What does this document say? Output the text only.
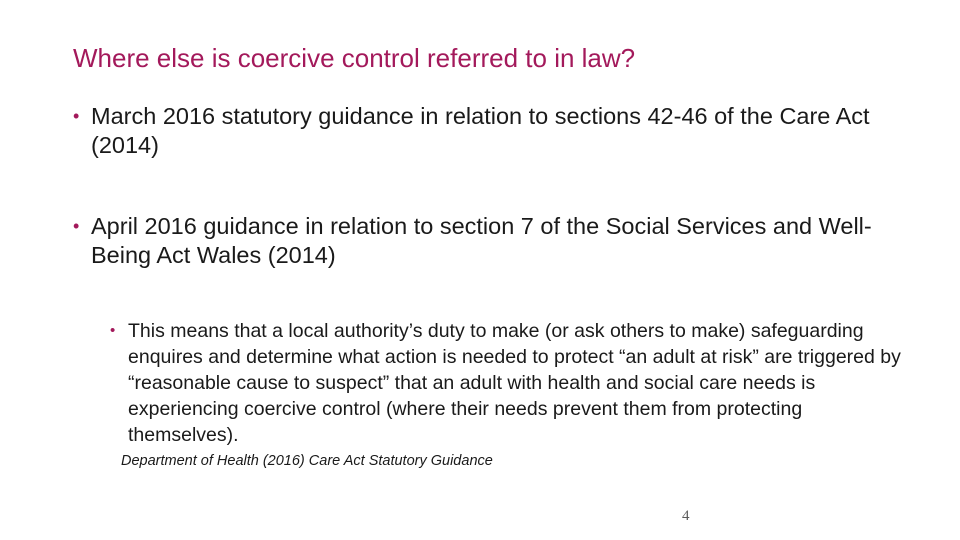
Where else is coercive control referred to in law?
• March 2016 statutory guidance in relation to sections 42-46 of the Care Act (2014)
• April 2016 guidance in relation to section 7 of the Social Services and Well-Being Act Wales (2014)
• This means that a local authority’s duty to make (or ask others to make) safeguarding enquires and determine what action is needed to protect “an adult at risk” are triggered by “reasonable cause to suspect” that an adult with health and social care needs is experiencing coercive control (where their needs prevent them from protecting themselves).
Department of Health (2016) Care Act Statutory Guidance
4
